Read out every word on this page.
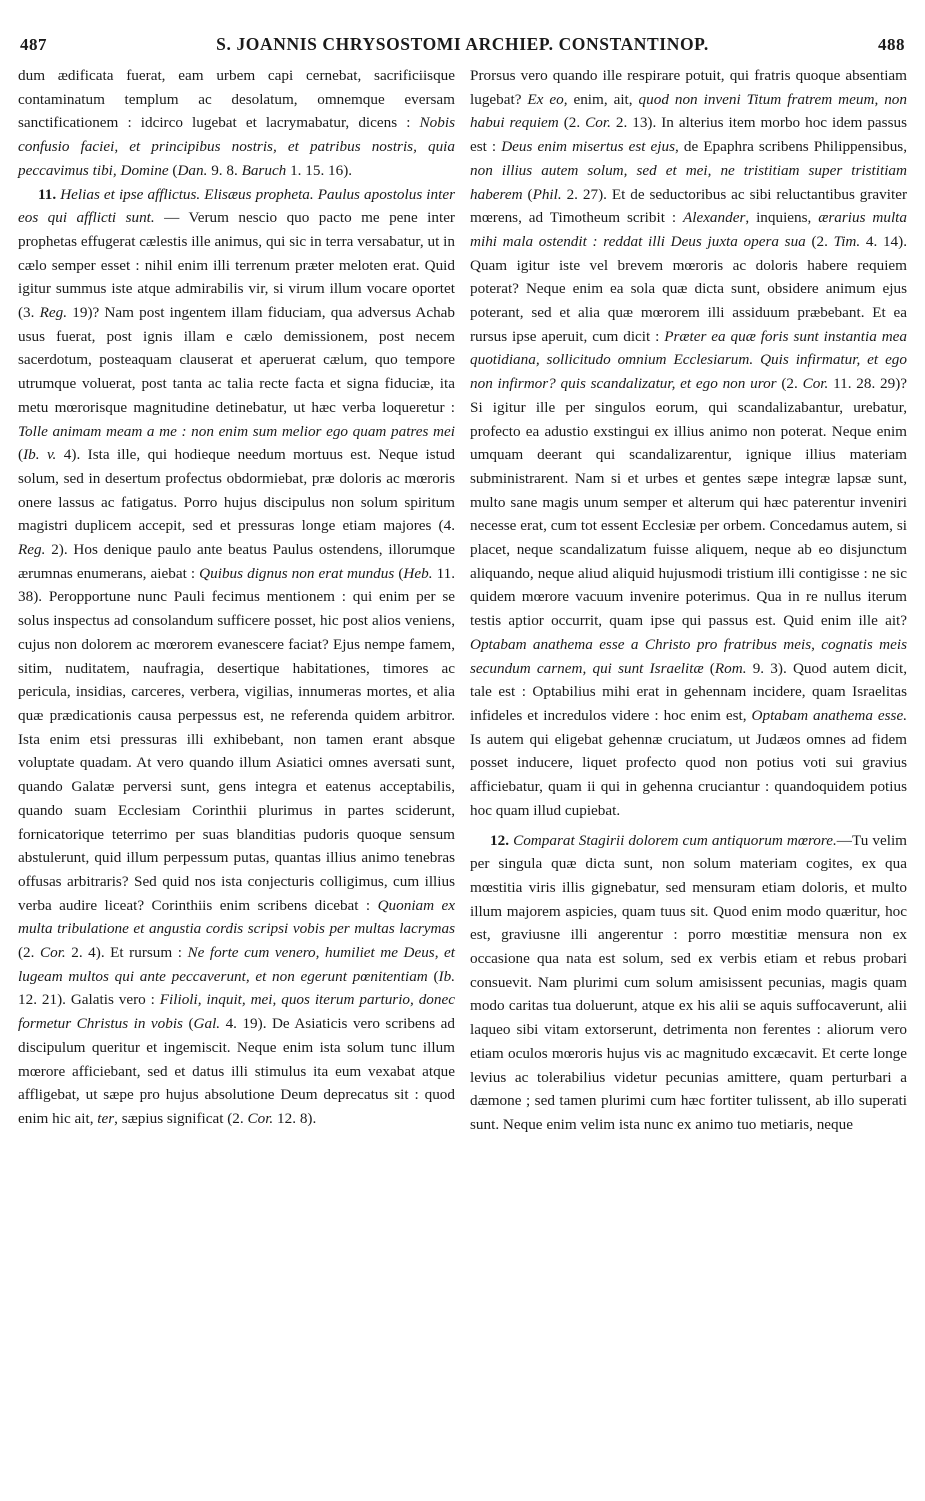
487	S. JOANNIS CHRYSOSTOMI ARCHIEP. CONSTANTINOP.	488

dum ædificata fuerat, eam urbem capi cernebat, sacrificiisque contaminatum templum ac desolatum, omnemque eversam sanctificationem : idcirco lugebat et lacrymabatur, dicens : Nobis confusio faciei, et principibus nostris, et patribus nostris, quia peccavimus tibi, Domine (Dan. 9. 8. Baruch 1. 15. 16).

11. Helias et ipse afflictus. Elisæus propheta. Paulus apostolus inter eos qui afflicti sunt. — Verum nescio quo pacto me pene inter prophetas effugerat cælestis ille animus, qui sic in terra versabatur, ut in cælo semper esset : nihil enim illi terrenum præter meloten erat. Quid igitur summus iste atque admirabilis vir, si virum illum vocare oportet (3. Reg. 19)? Nam post ingentem illam fiduciam, qua adversus Achab usus fuerat, post ignis illam e cælo demissionem, post necem sacerdotum, posteaquam clauserat et aperuerat cælum, quo tempore utrumque voluerat, post tanta ac talia recte facta et signa fiduciæ, ita metu mœrorisque magnitudine detinebatur, ut hæc verba loqueretur : Tolle animam meam a me : non enim sum melior ego quam patres mei (Ib. v. 4). Ista ille, qui hodieque needum mortuus est. Neque istud solum, sed in desertum profectus obdormiebat, præ doloris ac mœroris onere lassus ac fatigatus. Porro hujus discipulus non solum spiritum magistri duplicem accepit, sed et pressuras longe etiam majores (4. Reg. 2). Hos denique paulo ante beatus Paulus ostendens, illorumque ærumnas enumerans, aiebat : Quibus dignus non erat mundus (Heb. 11. 38). Peropportune nunc Pauli fecimus mentionem : qui enim per se solus inspectus ad consolandum sufficere posset, hic post alios veniens, cujus non dolorem ac mœrorem evanescere faciat? Ejus nempe famem, sitim, nuditatem, naufragia, desertique habitationes, timores ac pericula, insidias, carceres, verbera, vigilias, innumeras mortes, et alia quæ prædicationis causa perpessus est, ne referenda quidem arbitror. Ista enim etsi pressuras illi exhibebant, non tamen erant absque voluptate quadam. At vero quando illum Asiatici omnes aversati sunt, quando Galatæ perversi sunt, gens integra et eatenus acceptabilis, quando suam Ecclesiam Corinthii plurimus in partes sciderunt, fornicatorique teterrimo per suas blanditias pudoris quoque sensum abstulerunt, quid illum perpessum putas, quantas illius animo tenebras offusas arbitraris? Sed quid nos ista conjecturis colligimus, cum illius verba audire liceat? Corinthiis enim scribens dicebat : Quoniam ex multa tribulatione et angustia cordis scripsi vobis per multas lacrymas (2. Cor. 2. 4). Et rursum : Ne forte cum venero, humiliet me Deus, et lugeam multos qui ante peccaverunt, et non egerunt pœnitentiam (Ib. 12. 21). Galatis vero : Filioli, inquit, mei, quos iterum parturio, donec formetur Christus in vobis (Gal. 4. 19). De Asiaticis vero scribens ad discipulum queritur et ingemiscit. Neque enim ista solum tunc illum mœrore afficiebant, sed et datus illi stimulus ita eum vexabat atque affligebat, ut sæpe pro hujus absolutione Deum deprecatus sit : quod enim hic ait, ter, sæpius significat (2. Cor. 12. 8).

Prorsus vero quando ille respirare potuit, qui fratris quoque absentiam lugebat? Ex eo, enim, ait, quod non inveni Titum fratrem meum, non habui requiem (2. Cor. 2. 13). In alterius item morbo hoc idem passus est : Deus enim misertus est ejus, de Epaphra scribens Philippensibus, non illius autem solum, sed et mei, ne tristitiam super tristitiam haberem (Phil. 2. 27). Et de seductoribus ac sibi reluctantibus graviter mœrens, ad Timotheum scribit : Alexander, inquiens, ærarius multa mihi mala ostendit : reddat illi Deus juxta opera sua (2. Tim. 4. 14). Quam igitur iste vel brevem mœroris ac doloris habere requiem poterat? Neque enim ea sola quæ dicta sunt, obsidere animum ejus poterant, sed et alia quæ mœrorem illi assiduum præbebant. Et ea rursus ipse aperuit, cum dicit : Præter ea quæ foris sunt instantia mea quotidiana, sollicitudo omnium Ecclesiarum. Quis infirmatur, et ego non infirmor? quis scandalizatur, et ego non uror (2. Cor. 11. 28. 29)? Si igitur ille per singulos eorum, qui scandalizabantur, urebatur, profecto ea adustio exstingui ex illius animo non poterat. Neque enim umquam deerant qui scandalizarentur, ignique illius materiam subministrarent. Nam si et urbes et gentes sæpe integræ lapsæ sunt, multo sane magis unum semper et alterum qui hæc paterentur inveniri necesse erat, cum tot essent Ecclesiæ per orbem. Concedamus autem, si placet, neque scandalizatum fuisse aliquem, neque ab eo disjunctum aliquando, neque aliud aliquid hujusmodi tristium illi contigisse : ne sic quidem mœrore vacuum invenire poterimus. Qua in re nullus iterum testis aptior occurrit, quam ipse qui passus est. Quid enim ille ait? Optabam anathema esse a Christo pro fratribus meis, cognatis meis secundum carnem, qui sunt Israelitæ (Rom. 9. 3). Quod autem dicit, tale est : Optabilius mihi erat in gehennam incidere, quam Israelitas infideles et incredulos videre : hoc enim est, Optabam anathema esse. Is autem qui eligebat gehennæ cruciatum, ut Judæos omnes ad fidem posset inducere, liquet profecto quod non potius voti sui gravius afficiebatur, quam ii qui in gehenna cruciantur : quandoquidem potius hoc quam illud cupiebat.

12. Comparat Stagirii dolorem cum antiquorum mœrore.—Tu velim per singula quæ dicta sunt, non solum materiam cogites, ex qua mœstitia viris illis gignebatur, sed mensuram etiam doloris, et multo illum majorem aspicies, quam tuus sit. Quod enim modo quæritur, hoc est, graviusne illi angerentur : porro mœstitiæ mensura non ex occasione qua nata est solum, sed ex verbis etiam et rebus probari consuevit. Nam plurimi cum solum amisissent pecunias, magis quam modo caritas tua doluerunt, atque ex his alii se aquis suffocaverunt, alii laqueo sibi vitam extorserunt, detrimenta non ferentes : aliorum vero etiam oculos mœroris hujus vis ac magnitudo excæcavit. Et certe longe levius ac tolerabilius videtur pecunias amittere, quam perturbari a dæmone ; sed tamen plurimi cum hæc fortiter tulissent, ab illo superati sunt. Neque enim velim ista nunc ex animo tuo metiaris, neque
